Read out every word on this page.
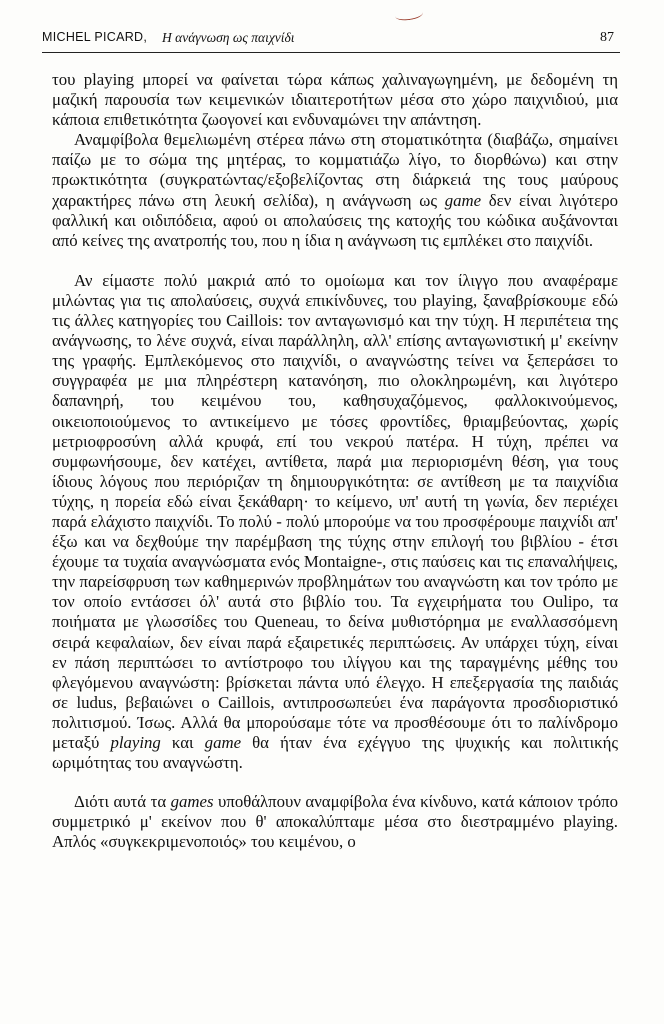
MICHEL PICARD, Η ανάγνωση ως παιχνίδι	87

του playing μπορεί να φαίνεται τώρα κάπως χαλιναγωγημένη, με δεδομένη τη μαζική παρουσία των κειμενικών ιδιαιτεροτήτων μέσα στο χώρο παιχνιδιού, μια κάποια επιθετικότητα ζωογονεί και ενδυναμώνει την απάντηση.

Αναμφίβολα θεμελιωμένη στέρεα πάνω στη στοματικότητα (διαβάζω, σημαίνει παίζω με το σώμα της μητέρας, το κομματιάζω λίγο, το διορθώνω) και στην πρωκτικότητα (συγκρατώντας/εξοβελίζοντας στη διάρκειά της τους μαύρους χαρακτήρες πάνω στη λευκή σελίδα), η ανάγνωση ως game δεν είναι λιγότερο φαλλική και οιδιπόδεια, αφού οι απολαύσεις της κατοχής του κώδικα αυξάνονται από κείνες της ανατροπής του, που η ίδια η ανάγνωση τις εμπλέκει στο παιχνίδι.

Αν είμαστε πολύ μακριά από το ομοίωμα και τον ίλιγγο που αναφέραμε μιλώντας για τις απολαύσεις, συχνά επικίνδυνες, του playing, ξαναβρίσκουμε εδώ τις άλλες κατηγορίες του Caillois: τον ανταγωνισμό και την τύχη. Η περιπέτεια της ανάγνωσης, το λένε συχνά, είναι παράλληλη, αλλ' επίσης ανταγωνιστική μ' εκείνην της γραφής. Εμπλεκόμενος στο παιχνίδι, ο αναγνώστης τείνει να ξεπεράσει το συγγραφέα με μια πληρέστερη κατανόηση, πιο ολοκληρωμένη, και λιγότερο δαπανηρή, του κειμένου του, καθησυχαζόμενος, φαλλοκινούμενος, οικειοποιούμενος το αντικείμενο με τόσες φροντίδες, θριαμβεύοντας, χωρίς μετριοφροσύνη αλλά κρυφά, επί του νεκρού πατέρα. Η τύχη, πρέπει να συμφωνήσουμε, δεν κατέχει, αντίθετα, παρά μια περιορισμένη θέση, για τους ίδιους λόγους που περιόριζαν τη δημιουργικότητα: σε αντίθεση με τα παιχνίδια τύχης, η πορεία εδώ είναι ξεκάθαρη· το κείμενο, υπ' αυτή τη γωνία, δεν περιέχει παρά ελάχιστο παιχνίδι. Το πολύ - πολύ μπορούμε να του προσφέρουμε παιχνίδι απ' έξω και να δεχθούμε την παρέμβαση της τύχης στην επιλογή του βιβλίου - έτσι έχουμε τα τυχαία αναγνώσματα ενός Montaigne-, στις παύσεις και τις επαναλήψεις, την παρείσφρυση των καθημερινών προβλημάτων του αναγνώστη και τον τρόπο με τον οποίο εντάσσει όλ' αυτά στο βιβλίο του. Τα εγχειρήματα του Oulipo, τα ποιήματα με γλωσσίδες του Queneau, το δείνα μυθιστόρημα με εναλλασσόμενη σειρά κεφαλαίων, δεν είναι παρά εξαιρετικές περιπτώσεις. Αν υπάρχει τύχη, είναι εν πάση περιπτώσει το αντίστροφο του ιλίγγου και της ταραγμένης μέθης του φλεγόμενου αναγνώστη: βρίσκεται πάντα υπό έλεγχο. Η επεξεργασία της παιδιάς σε ludus, βεβαιώνει ο Caillois, αντιπροσωπεύει ένα παράγοντα προσδιοριστικό πολιτισμού. Ίσως. Αλλά θα μπορούσαμε τότε να προσθέσουμε ότι το παλίνδρομο μεταξύ playing και game θα ήταν ένα εχέγγυο της ψυχικής και πολιτικής ωριμότητας του αναγνώστη.

Διότι αυτά τα games υποθάλπουν αναμφίβολα ένα κίνδυνο, κατά κάποιον τρόπο συμμετρικό μ' εκείνον που θ' αποκαλύπταμε μέσα στο διεστραμμένο playing. Απλός «συγκεκριμενοποιός» του κειμένου, ο
